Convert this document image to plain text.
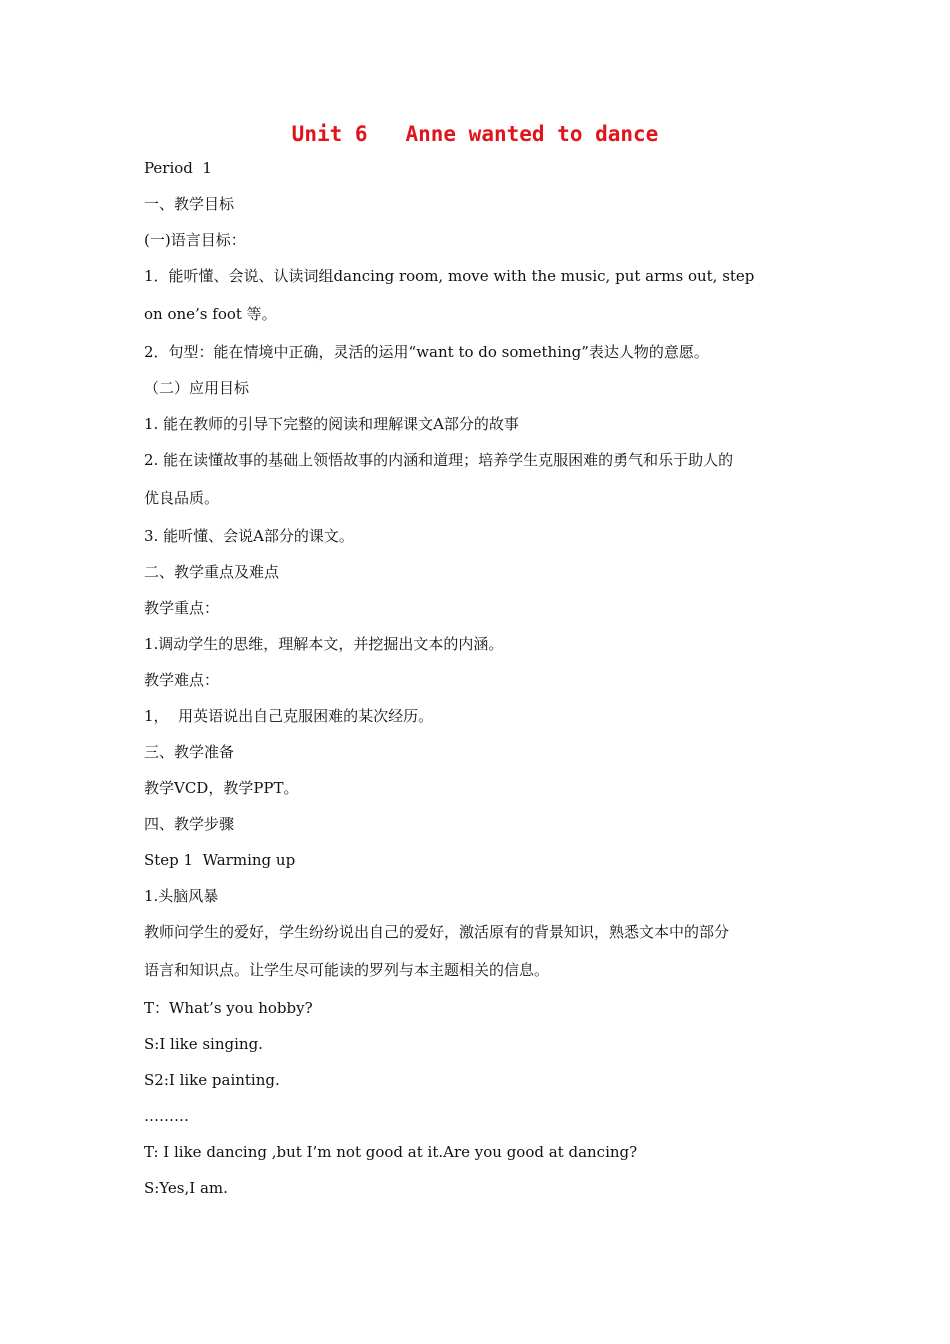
Unit 6   Anne wanted to dance
Period  1
一、教学目标
(一)语言目标：
1．能听懂、会说、认读词组dancing room, move with the music, put arms out, step
on one’s foot 等。
2．句型：能在情境中正确，灵活的运用“want to do something”表达人物的意愿。
（二）应用目标
1. 能在教师的引导下完整的阅读和理解课文A部分的故事
2. 能在读懂故事的基础上领悟故事的内涵和道理；培养学生克服困难的勇气和乐于助人的
优良品质。
3. 能听懂、会说A部分的课文。
二、教学重点及难点
教学重点：
1.调动学生的思维，理解本文，并挖掘出文本的内涵。
教学难点：
1，  用英语说出自己克服困难的某次经历。
三、教学准备
教学VCD，教学PPT。
四、教学步骤
Step 1  Warming up
1.头脑风暴
教师问学生的爱好，学生纷纷说出自己的爱好，激活原有的背景知识，熟悉文本中的部分
语言和知识点。让学生尽可能读的罗列与本主题相关的信息。
T：What’s you hobby?
S:I like singing.
S2:I like painting.
………
T: I like dancing ,but I’m not good at it.Are you good at dancing?
S:Yes,I am.
